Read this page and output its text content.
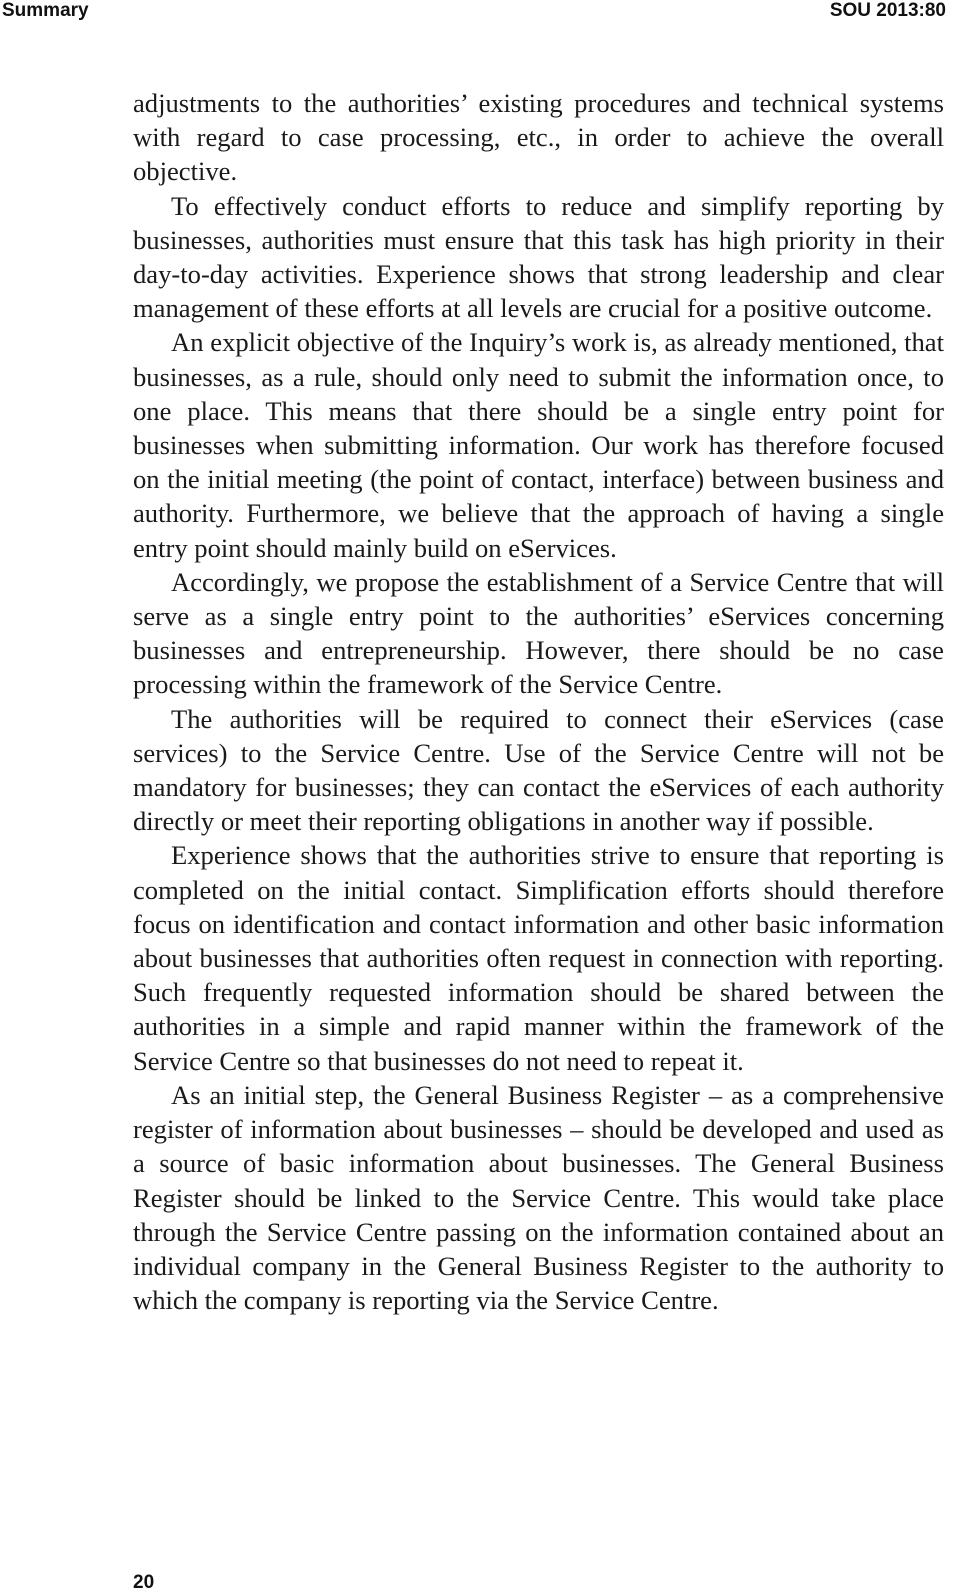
Summary	SOU 2013:80

adjustments to the authorities’ existing procedures and technical systems with regard to case processing, etc., in order to achieve the overall objective.

To effectively conduct efforts to reduce and simplify reporting by businesses, authorities must ensure that this task has high priority in their day-to-day activities. Experience shows that strong leadership and clear management of these efforts at all levels are crucial for a positive outcome.

An explicit objective of the Inquiry’s work is, as already mentioned, that businesses, as a rule, should only need to submit the information once, to one place. This means that there should be a single entry point for businesses when submitting information. Our work has therefore focused on the initial meeting (the point of contact, interface) between business and authority. Furthermore, we believe that the approach of having a single entry point should mainly build on eServices.

Accordingly, we propose the establishment of a Service Centre that will serve as a single entry point to the authorities’ eServices concerning businesses and entrepreneurship. However, there should be no case processing within the framework of the Service Centre.

The authorities will be required to connect their eServices (case services) to the Service Centre. Use of the Service Centre will not be mandatory for businesses; they can contact the eServices of each authority directly or meet their reporting obligations in another way if possible.

Experience shows that the authorities strive to ensure that reporting is completed on the initial contact. Simplification efforts should therefore focus on identification and contact information and other basic information about businesses that authorities often request in connection with reporting. Such frequently requested information should be shared between the authorities in a simple and rapid manner within the framework of the Service Centre so that businesses do not need to repeat it.

As an initial step, the General Business Register – as a comprehensive register of information about businesses – should be developed and used as a source of basic information about businesses. The General Business Register should be linked to the Service Centre. This would take place through the Service Centre passing on the information contained about an individual company in the General Business Register to the authority to which the company is reporting via the Service Centre.

20
